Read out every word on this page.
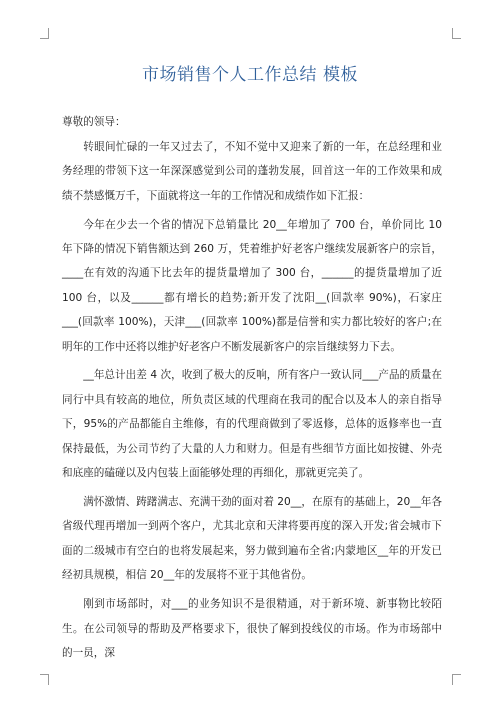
市场销售个人工作总结 模板

尊敬的领导：

转眼间忙碌的一年又过去了，不知不觉中又迎来了新的一年，在总经理和业务经理的带领下这一年深深感觉到公司的蓬勃发展，回首这一年的工作效果和成绩不禁感慨万千，下面就将这一年的工作情况和成绩作如下汇报：

今年在少去一个省的情况下总销量比 20__年增加了 700 台，单价同比 10 年下降的情况下销售额达到 260 万，凭着维护好老客户继续发展新客户的宗旨，____在有效的沟通下比去年的提货量增加了 300 台，______的提货量增加了近 100 台，以及______都有增长的趋势;新开发了沈阳__(回款率 90%)，石家庄___(回款率 100%)，天津___(回款率 100%)都是信誉和实力都比较好的客户;在明年的工作中还将以维护好老客户不断发展新客户的宗旨继续努力下去。

__年总计出差 4 次，收到了极大的反响，所有客户一致认同___产品的质量在同行中具有较高的地位，所负责区域的代理商在我司的配合以及本人的亲自指导下，95%的产品都能自主维修，有的代理商做到了零返修，总体的返修率也一直保持最低，为公司节约了大量的人力和财力。但是有些细节方面比如按键、外壳和底座的磕碰以及内包装上面能够处理的再细化，那就更完美了。

满怀激情、踌躇满志、充满干劲的面对着 20__，在原有的基础上，20__年各省级代理再增加一到两个客户，尤其北京和天津将要再度的深入开发;省会城市下面的二级城市有空白的也将发展起来，努力做到遍布全省;内蒙地区__年的开发已经初具规模，相信 20__年的发展将不亚于其他省份。

刚到市场部时，对___的业务知识不是很精通，对于新环境、新事物比较陌生。在公司领导的帮助及严格要求下，很快了解到投线仪的市场。作为市场部中的一员，深
